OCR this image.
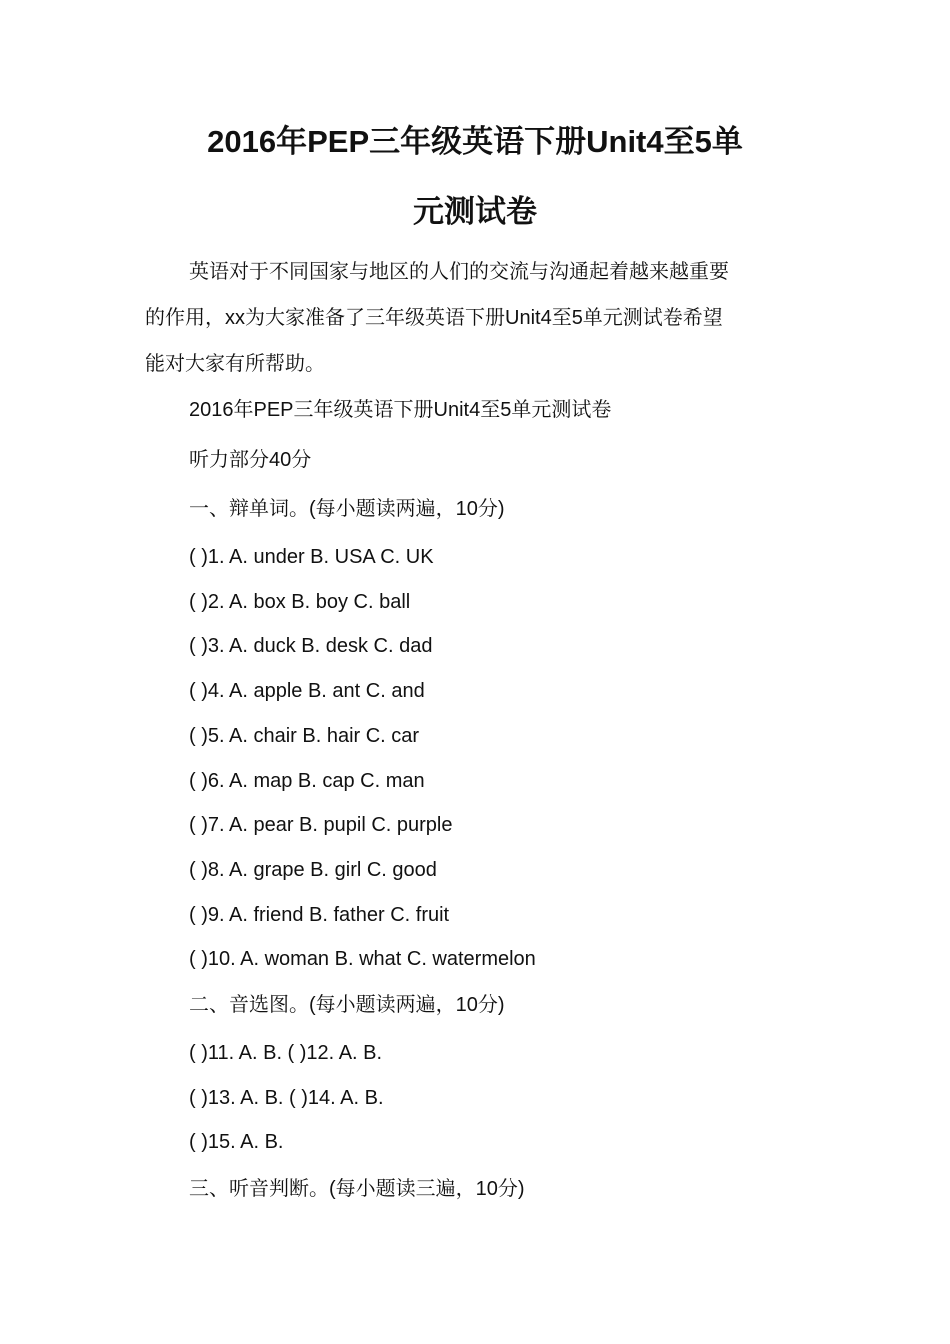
2016年PEP三年级英语下册Unit4至5单
元测试卷
英语对于不同国家与地区的人们的交流与沟通起着越来越重要
的作用，xx为大家准备了三年级英语下册Unit4至5单元测试卷希望
能对大家有所帮助。
2016年PEP三年级英语下册Unit4至5单元测试卷
听力部分40分
一、辩单词。(每小题读两遍，10分)
( )1. A. under B. USA C. UK
( )2. A. box B. boy C. ball
( )3. A. duck B. desk C. dad
( )4. A. apple B. ant C. and
( )5. A. chair B. hair C. car
( )6. A. map B. cap C. man
( )7. A. pear B. pupil C. purple
( )8. A. grape B. girl C. good
( )9. A. friend B. father C. fruit
( )10. A. woman B. what C. watermelon
二、音选图。(每小题读两遍，10分)
( )11. A. B. ( )12. A. B.
( )13. A. B. ( )14. A. B.
( )15. A. B.
三、听音判断。(每小题读三遍，10分)
